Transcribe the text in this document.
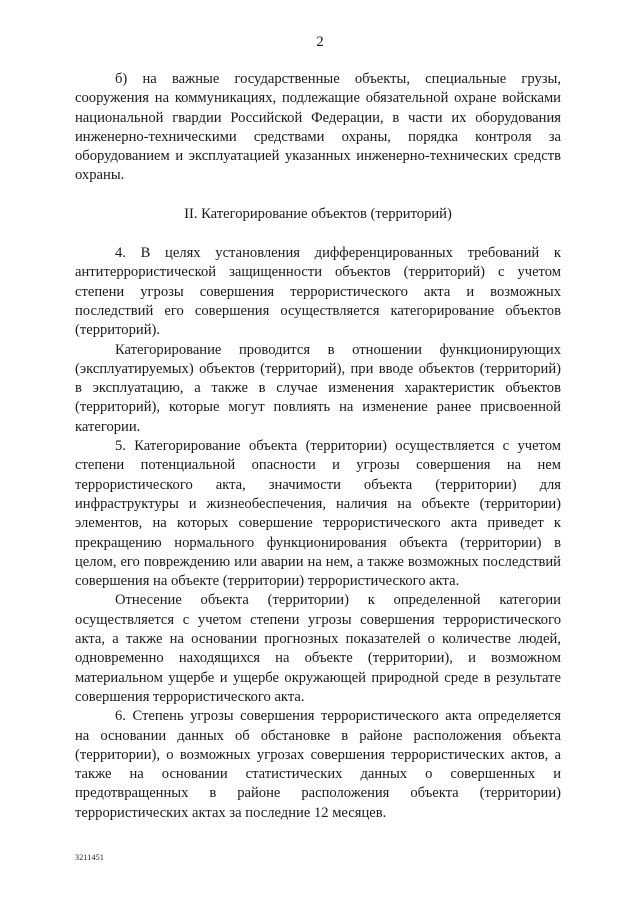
2

б) на важные государственные объекты, специальные грузы, сооружения на коммуникациях, подлежащие обязательной охране войсками национальной гвардии Российской Федерации, в части их оборудования инженерно-техническими средствами охраны, порядка контроля за оборудованием и эксплуатацией указанных инженерно-технических средств охраны.

II. Категорирование объектов (территорий)

4. В целях установления дифференцированных требований к антитеррористической защищенности объектов (территорий) с учетом степени угрозы совершения террористического акта и возможных последствий его совершения осуществляется категорирование объектов (территорий).

Категорирование проводится в отношении функционирующих (эксплуатируемых) объектов (территорий), при вводе объектов (территорий) в эксплуатацию, а также в случае изменения характеристик объектов (территорий), которые могут повлиять на изменение ранее присвоенной категории.

5. Категорирование объекта (территории) осуществляется с учетом степени потенциальной опасности и угрозы совершения на нем террористического акта, значимости объекта (территории) для инфраструктуры и жизнеобеспечения, наличия на объекте (территории) элементов, на которых совершение террористического акта приведет к прекращению нормального функционирования объекта (территории) в целом, его повреждению или аварии на нем, а также возможных последствий совершения на объекте (территории) террористического акта.

Отнесение объекта (территории) к определенной категории осуществляется с учетом степени угрозы совершения террористического акта, а также на основании прогнозных показателей о количестве людей, одновременно находящихся на объекте (территории), и возможном материальном ущербе и ущербе окружающей природной среде в результате совершения террористического акта.

6. Степень угрозы совершения террористического акта определяется на основании данных об обстановке в районе расположения объекта (территории), о возможных угрозах совершения террористических актов, а также на основании статистических данных о совершенных и предотвращенных в районе расположения объекта (территории) террористических актах за последние 12 месяцев.

3211451
